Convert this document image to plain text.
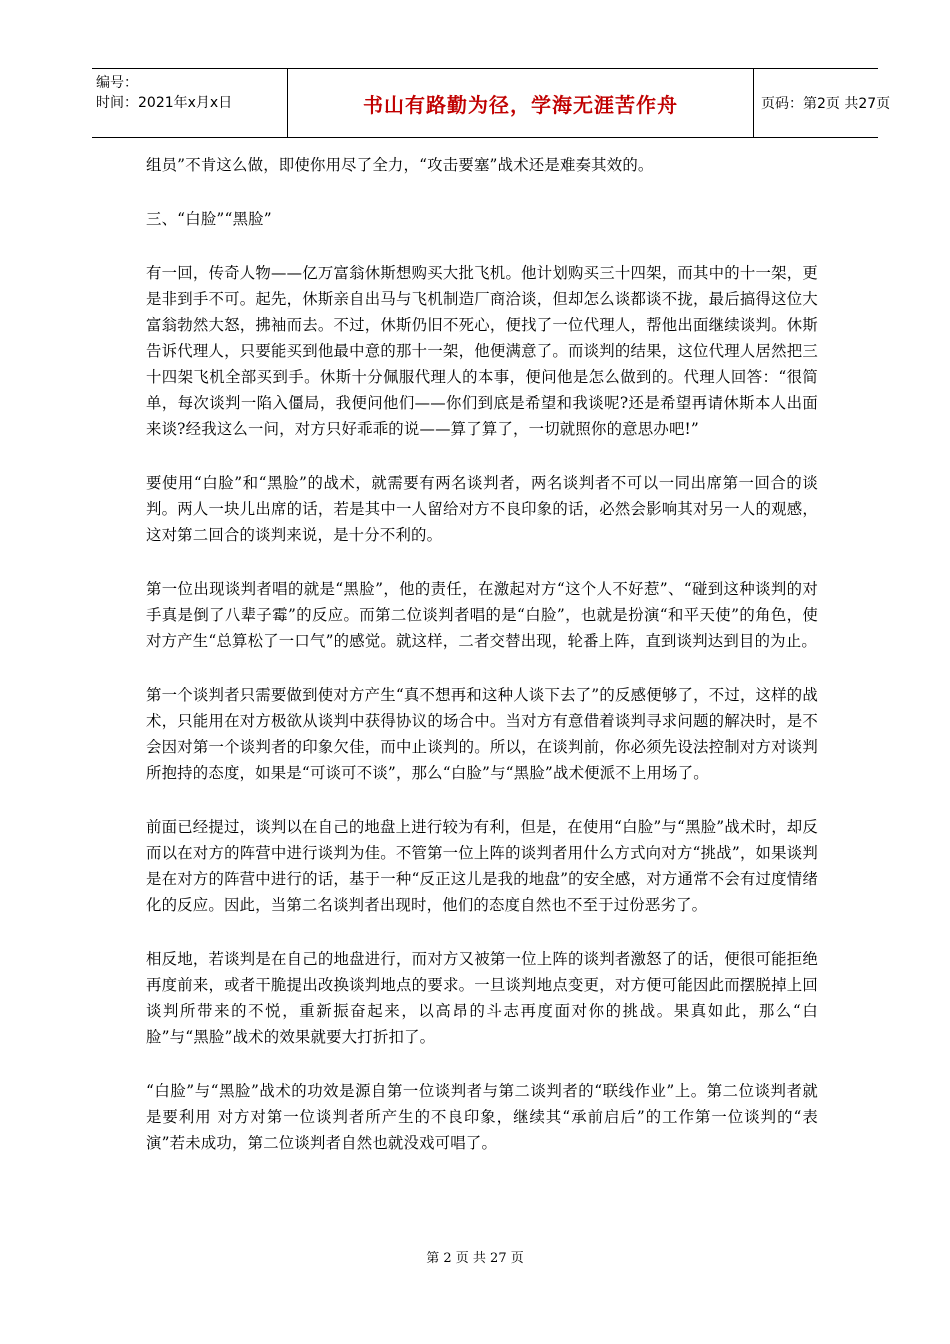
编号：
时间：2021年x月x日	书山有路勤为径，学海无涯苦作舟	页码：第2页 共27页

组员”不肯这么做，即使你用尽了全力，“攻击要塞”战术还是难奏其效的。

三、“白脸”“黑脸”

有一回，传奇人物——亿万富翁休斯想购买大批飞机。他计划购买三十四架，而其中的十一架，更是非到手不可。起先，休斯亲自出马与飞机制造厂商洽谈，但却怎么谈都谈不拢，最后搞得这位大富翁勃然大怒，拂袖而去。不过，休斯仍旧不死心，便找了一位代理人，帮他出面继续谈判。休斯告诉代理人，只要能买到他最中意的那十一架，他便满意了。而谈判的结果，这位代理人居然把三十四架飞机全部买到手。休斯十分佩服代理人的本事，便问他是怎么做到的。代理人回答：“很简单，每次谈判一陷入僵局，我便问他们——你们到底是希望和我谈呢?还是希望再请休斯本人出面来谈?经我这么一问，对方只好乖乖的说——算了算了，一切就照你的意思办吧!”

要使用“白脸”和“黑脸”的战术，就需要有两名谈判者，两名谈判者不可以一同出席第一回合的谈判。两人一块儿出席的话，若是其中一人留给对方不良印象的话，必然会影响其对另一人的观感，这对第二回合的谈判来说，是十分不利的。

第一位出现谈判者唱的就是“黑脸”，他的责任，在激起对方“这个人不好惹”、“碰到这种谈判的对手真是倒了八辈子霉”的反应。而第二位谈判者唱的是“白脸”，也就是扮演“和平天使”的角色，使对方产生“总算松了一口气”的感觉。就这样，二者交替出现，轮番上阵，直到谈判达到目的为止。

第一个谈判者只需要做到使对方产生“真不想再和这种人谈下去了”的反感便够了，不过，这样的战术，只能用在对方极欲从谈判中获得协议的场合中。当对方有意借着谈判寻求问题的解决时，是不会因对第一个谈判者的印象欠佳，而中止谈判的。所以，在谈判前，你必须先设法控制对方对谈判所抱持的态度，如果是“可谈可不谈”，那么“白脸”与“黑脸”战术便派不上用场了。

前面已经提过，谈判以在自己的地盘上进行较为有利，但是，在使用“白脸”与“黑脸”战术时，却反而以在对方的阵营中进行谈判为佳。不管第一位上阵的谈判者用什么方式向对方“挑战”，如果谈判是在对方的阵营中进行的话，基于一种“反正这儿是我的地盘”的安全感，对方通常不会有过度情绪化的反应。因此，当第二名谈判者出现时，他们的态度自然也不至于过份恶劣了。

相反地，若谈判是在自己的地盘进行，而对方又被第一位上阵的谈判者激怒了的话，便很可能拒绝再度前来，或者干脆提出改换谈判地点的要求。一旦谈判地点变更，对方便可能因此而摆脱掉上回谈判所带来的不悦，重新振奋起来，以高昂的斗志再度面对你的挑战。果真如此，那么“白脸”与“黑脸”战术的效果就要大打折扣了。

“白脸”与“黑脸”战术的功效是源自第一位谈判者与第二谈判者的“联线作业”上。第二位谈判者就是要利用 对方对第一位谈判者所产生的不良印象，继续其“承前启后”的工作第一位谈判的“表演”若未成功，第二位谈判者自然也就没戏可唱了。

第 2 页 共 27 页
